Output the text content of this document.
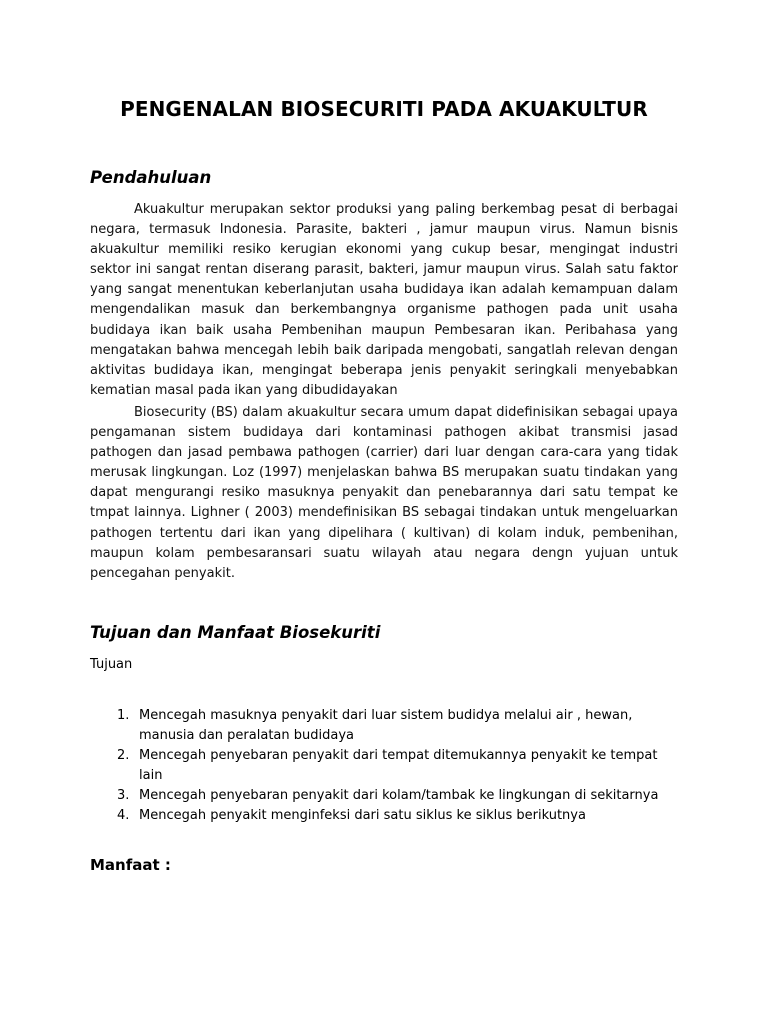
PENGENALAN BIOSECURITI PADA AKUAKULTUR
Pendahuluan

Akuakultur merupakan sektor produksi yang paling berkembag pesat di berbagai negara, termasuk Indonesia. Parasite, bakteri , jamur maupun virus. Namun bisnis akuakultur memiliki resiko kerugian ekonomi yang cukup besar, mengingat industri sektor ini sangat rentan diserang parasit, bakteri, jamur maupun virus. Salah satu faktor yang sangat menentukan keberlanjutan usaha budidaya ikan adalah kemampuan dalam mengendalikan masuk dan berkembangnya organisme pathogen pada unit usaha budidaya ikan baik usaha Pembenihan maupun Pembesaran ikan. Peribahasa yang mengatakan bahwa mencegah lebih baik daripada mengobati, sangatlah relevan dengan aktivitas budidaya ikan, mengingat beberapa jenis penyakit seringkali menyebabkan kematian masal pada ikan yang dibudidayakan

Biosecurity (BS) dalam akuakultur secara umum dapat didefinisikan sebagai upaya pengamanan sistem budidaya dari kontaminasi pathogen akibat transmisi jasad pathogen dan jasad pembawa pathogen (carrier) dari luar dengan cara-cara yang tidak merusak lingkungan. Loz (1997) menjelaskan bahwa BS merupakan suatu tindakan yang dapat mengurangi resiko masuknya penyakit dan penebarannya dari satu tempat ke tmpat lainnya. Lighner ( 2003) mendefinisikan BS sebagai tindakan untuk mengeluarkan pathogen tertentu dari ikan yang dipelihara ( kultivan) di kolam induk, pembenihan, maupun kolam pembesaransari suatu wilayah atau negara dengn yujuan untuk pencegahan penyakit.

Tujuan dan Manfaat Biosekuriti

Tujuan

1. Mencegah masuknya penyakit dari luar sistem budidya melalui air , hewan, manusia dan peralatan budidaya
2. Mencegah penyebaran penyakit dari tempat ditemukannya penyakit ke tempat lain
3. Mencegah penyebaran penyakit dari kolam/tambak ke lingkungan di sekitarnya
4. Mencegah penyakit menginfeksi dari satu siklus ke siklus berikutnya

Manfaat :
